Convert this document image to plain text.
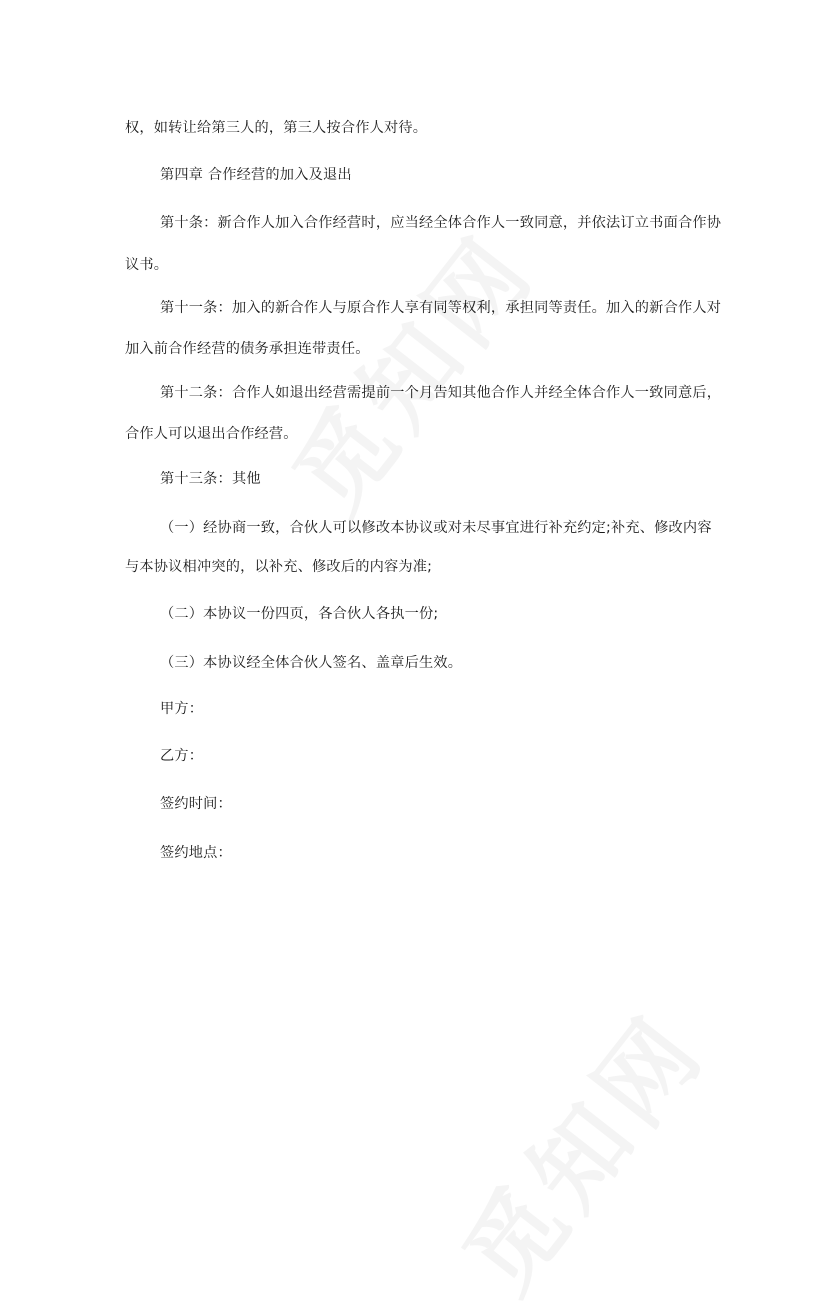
权，如转让给第三人的，第三人按合作人对待。
第四章 合作经营的加入及退出
第十条：新合作人加入合作经营时，应当经全体合作人一致同意，并依法订立书面合作协
议书。
第十一条：加入的新合作人与原合作人享有同等权利，承担同等责任。加入的新合作人对
加入前合作经营的债务承担连带责任。
第十二条：合作人如退出经营需提前一个月告知其他合作人并经全体合作人一致同意后，
合作人可以退出合作经营。
第十三条：其他
（一）经协商一致，合伙人可以修改本协议或对未尽事宜进行补充约定;补充、修改内容
与本协议相冲突的，以补充、修改后的内容为准;
（二）本协议一份四页，各合伙人各执一份;
（三）本协议经全体合伙人签名、盖章后生效。
甲方：
乙方：
签约时间：
签约地点：
